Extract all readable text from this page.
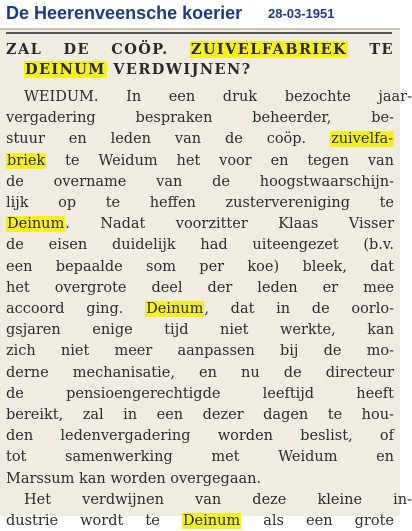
De Heerenveensche koerier 28-03-1951
ZAL DE COÖP. ZUIVELFABRIEK TE
DEINUM VERDWIJNEN?
WEIDUM. In een druk bezochte jaar-
vergadering bespraken beheerder, be-
stuur en leden van de coöp. zuivelfa-
briek te Weidum het voor en tegen van
de overname van de hoogstwaarschijn-
lijk op te heffen zustervereniging te
Deinum. Nadat voorzitter Klaas Visser
de eisen duidelijk had uiteengezet (b.v.
een bepaalde som per koe) bleek, dat
het overgrote deel der leden er mee
accoord ging. Deinum, dat in de oorlo-
gsjaren enige tijd niet werkte, kan
zich niet meer aanpassen bij de mo-
derne mechanisatie, en nu de directeur
de pensioengerechtigde leeftijd heeft
bereikt, zal in een dezer dagen te hou-
den ledenvergadering worden beslist, of
tot samenwerking met Weidum en
Marssum kan worden overgegaan.
Het verdwijnen van deze kleine in-
dustrie wordt te Deinum als een grote
